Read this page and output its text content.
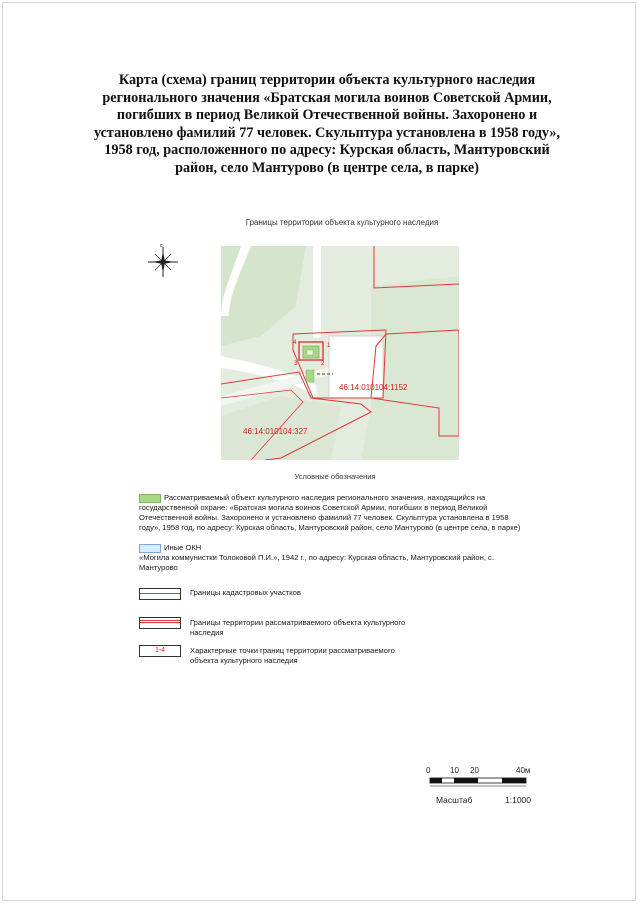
Карта (схема) границ территории объекта культурного наследия регионального значения «Братская могила воинов Советской Армии, погибших в период Великой Отечественной войны. Захоронено и установлено фамилий 77 человек. Скульптура установлена в 1958 году», 1958 год, расположенного по адресу: Курская область, Мантуровский район, село Мантурово (в центре села, в парке)
Границы территории объекта культурного наследия
с
1
2
3
4
46:14:010104:1152
46:14:010104:327
Условные обозначения
Рассматриваемый объект культурного наследия регионального значения, находящийся на государственной охране: «Братская могила воинов Советской Армии, погибших в период Великой Отечественной войны. Захоронено и установлено фамилий 77 человек. Скульптура установлена в 1958 году», 1958 год, по адресу: Курская область, Мантуровский район, село Мантурово (в центре села, в парке)
Иные ОКН
«Могила коммунистки Толоковой П.И.», 1942 г., по адресу: Курская область, Мантуровский район, с. Мантурово
Границы кадастровых участков
Границы территории рассматриваемого объекта культурного наследия
1-4	Характерные точки границ территории рассматриваемого объекта культурного наследия
0 10 20	40м
Масштаб	1:1000
